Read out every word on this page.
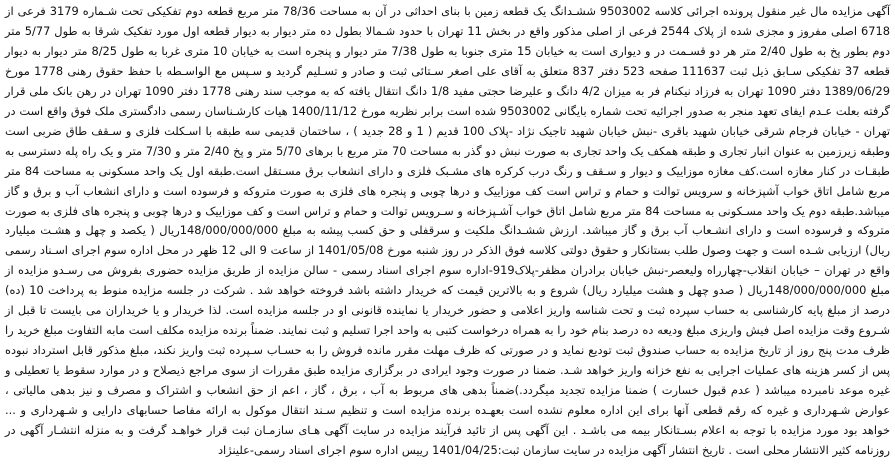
آگهی مزایده مال غیر منقول پرونده اجرائی کلاسه 9503002 ششـدانگ یک قطعه زمین با بنای احداثی در آن به مساحت 78/36 متر مربع قطعه دوم تفکیکی تحت شـماره 3179 فرعی از 6718 اصلی مفروز و مجزی شده از پلاک 2544 فرعی از اصلی مذکور واقع در بخش 11 تهران با حدود شـمالا بطول ده متر دیوار به دیوار قطعه اول مورد تفکیک شرقا به طول 5/77 متر دوم بطور پخ به طول 2/40 متر هر دو قسـمت در و دیواری است به خیابان 15 متری جنوبا به طول 7/38 متر دیوار و پنجره است به خیابان 10 متری غربا به طول 8/25 متر دیوار به دیوار قطعه 37 تفکیکی سـابق ذیل ثبت 111637 صفحه 523 دفتر 837 متعلق به آقای علی اصغر سـتائی ثبت و صادر و تسـلیم گردید و سـپس مع الواسـطه با حفظ حقوق رهنی 1778 مورخ 1389/06/29 دفتر 1090 تهران به فرزاد نیکنام فر به میزان 4/2 دانگ و علیرضا حجتی مفید 1/8 دانگ انتقال یافته که به موجب سند رهنی 1778 دفتر 1090 تهران در رهن بانک ملی قرار گرفته بعلت عـدم ایفای تعهد منجر به صدور اجرائیه تحت شماره بایگانی 9503002 شده است برابر نظریه مورخ 1400/11/12 هیات کارشـناسان رسمی دادگستری ملک فوق واقع است در تهران - خیابان فرجام شرقی خیابان شهید باقری -نبش خیابان شهید تاجیک نژاد -پلاک 100 قدیم ( 1 و 28 جدید ) ، ساختمان قدیمی سه طبقه با اسـکلت فلزی و سـقف طاق ضربی است وطبقه زیرزمین به عنوان انبار تجاری و طبقه همکف یک واحد تجاری به صورت نبش دو گذر به مساحت 70 متر مربع با برهای 5/70 متر و پخ 2/40 متر و 7/30 متر و یک راه پله دسترسی به طبقـات در کنار مغازه است.کف مغازه موزاییک و دیوار و سـقف و رنگ درب کرکره های مشـبک فلزی و دارای انشعاب برق مسـتقل است.طبقه اول یک واحد مسکونی به مساحت 84 متر مربع شامل اتاق خواب آشپزخانه و سرویس توالت و حمام و تراس است کف موزاییک و درها چوبی و پنجره های فلزی به صورت متروکه و فرسوده است و دارای انشعاب آب و برق و گاز میباشد.طبقه دوم یک واحد مسـکونی به مساحت 84 متر مربع شامل اتاق خواب آشـپزخانه و سـرویس توالت و حمام و تراس است و کف موزاییک و درها چوبی و پنجره های فلزی به صورت متروکه و فرسوده است و دارای انشـعاب آب برق و گاز میباشد. ارزش ششـدانگ ملکیت و سرقفلی و حق کسب پیشه به مبلغ 148/000/000/000ریال ( یکصد و چهل و هشـت میلیارد ریال) ارزیابی شـده است و جهت وصول طلب بستانکار و حقوق دولتی کلاسه فوق الذکر در روز شنبه مورخ 1401/05/08 از ساعت 9 الی 12 ظهر در محل اداره سوم اجرای اسـناد رسمی واقع در تهران – خیابان انقلاب-چهارراه ولیعصر-نبش خیابان برادران مظفر-پلاک919-اداره سوم اجرای اسناد رسمی - سالن مزایده از طریق مزایده حضوری بفروش می رسـدو مزایده از مبلغ 148/000/000/000ریال ( صدو چهل و هشت میلیارد ریال) شروع و به بالاترین قیمت که خریدار داشته باشد فروخته خواهد شد . شرکت در جلسه مزایده منوط به پرداخت 10 (ده) درصد از مبلغ پایه کارشناسی به حساب سپرده ثبت و تحت شناسه واریز اعلامی و حضور خریدار یا نماینده قانونی او در جلسه مزایده است. لذا خریدار و یا خریداران می بایست تا قبل از شـروع وقت مزایده اصل فیش واریزی مبلغ ودیعه ده درصد بنام خود را به همراه درخواست کتبی به واحد اجرا تسلیم و ثبت نمایند. ضمناً برنده مزایده مکلف است مابه التفاوت مبلغ خرید را ظرف مدت پنج روز از تاریخ مزایده به حساب صندوق ثبت تودیع نماید و در صورتی که ظرف مهلت مقرر مانده فروش را به حسـاب سـپرده ثبت واریز نکند، مبلغ مذکور قابل استرداد نبوده پس از کسر هزینه های عملیات اجرایی به نفع خزانه واریز خواهد شـد. ضمنا در صورت وجود ایرادی در برگزاری مزایده طبق مقررات از سوی مراجع ذیصلاح و در موارد سقوط یا تعطیلی و غیره موعد نامبرده میباشد ( عدم قبول خسارت ) ضمنا مزایده تجدید میگردد.)ضمناً بدهی های مربوط به آب ، برق ، گاز ، اعم از حق انشعاب و اشتراک و مصرف و نیز بدهی مالیاتی ، عوارض شـهرداری و غیره که رقم قطعی آنها برای این اداره معلوم نشده است بعهـده برنده مزایده است و تنظیم سـند انتقال موکول به ارائه مفاصا حسابهای دارایی و شـهرداری و ... خواهد بود مورد مزایده با توجه به اعلام بسـتانکار بیمه می باشـد . این آگهی پس از تائید فرآیند مزایده در سایت آگهی هـای سازمـان ثبت قرار خواهـد گرفت و به منزله انتشـار آگهی در روزنامه کثیر الانتشار محلی است . تاریخ انتشار آگهی مزایده در سایت سازمان ثبت:1401/04/25 رییس اداره سوم اجرای اسناد رسمی-علینژاد
